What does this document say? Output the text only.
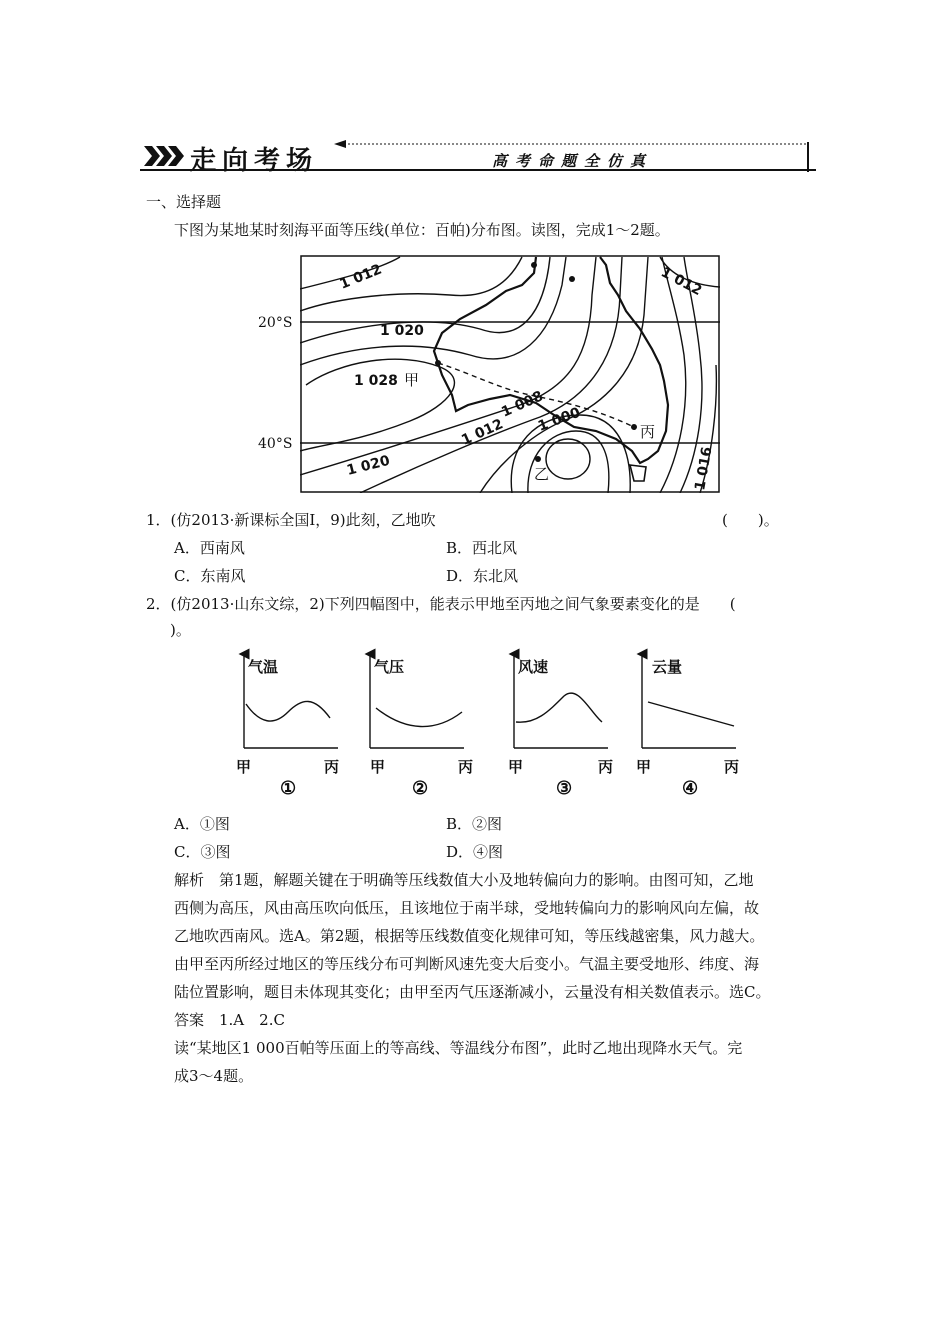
走向考场	高考命题全仿真
一、选择题
下图为某地某时刻海平面等压线(单位：百帕)分布图。读图，完成1～2题。
20°S
40°S
1 012	1 012
1 020
1 028
1 008
1 012 1 000
1 020	1 016
甲
乙
丙
1．(仿2013·新课标全国Ⅰ，9)此刻，乙地吹	(　　)。
A．西南风	B．西北风
C．东南风	D．东北风
2．(仿2013·山东文综，2)下列四幅图中，能表示甲地至丙地之间气象要素变化的是　　(
)。
气温	气压	风速	云量
甲	丙 甲	丙 甲	丙 甲	丙
①	②	③	④
A．①图	B．②图
C．③图	D．④图
解析　第1题，解题关键在于明确等压线数值大小及地转偏向力的影响。由图可知，乙地
西侧为高压，风由高压吹向低压，且该地位于南半球，受地转偏向力的影响风向左偏，故
乙地吹西南风。选A。第2题，根据等压线数值变化规律可知，等压线越密集，风力越大。
由甲至丙所经过地区的等压线分布可判断风速先变大后变小。气温主要受地形、纬度、海
陆位置影响，题目未体现其变化；由甲至丙气压逐渐减小，云量没有相关数值表示。选C。
答案　1.A　2.C
读“某地区1 000百帕等压面上的等高线、等温线分布图”，此时乙地出现降水天气。完
成3～4题。
